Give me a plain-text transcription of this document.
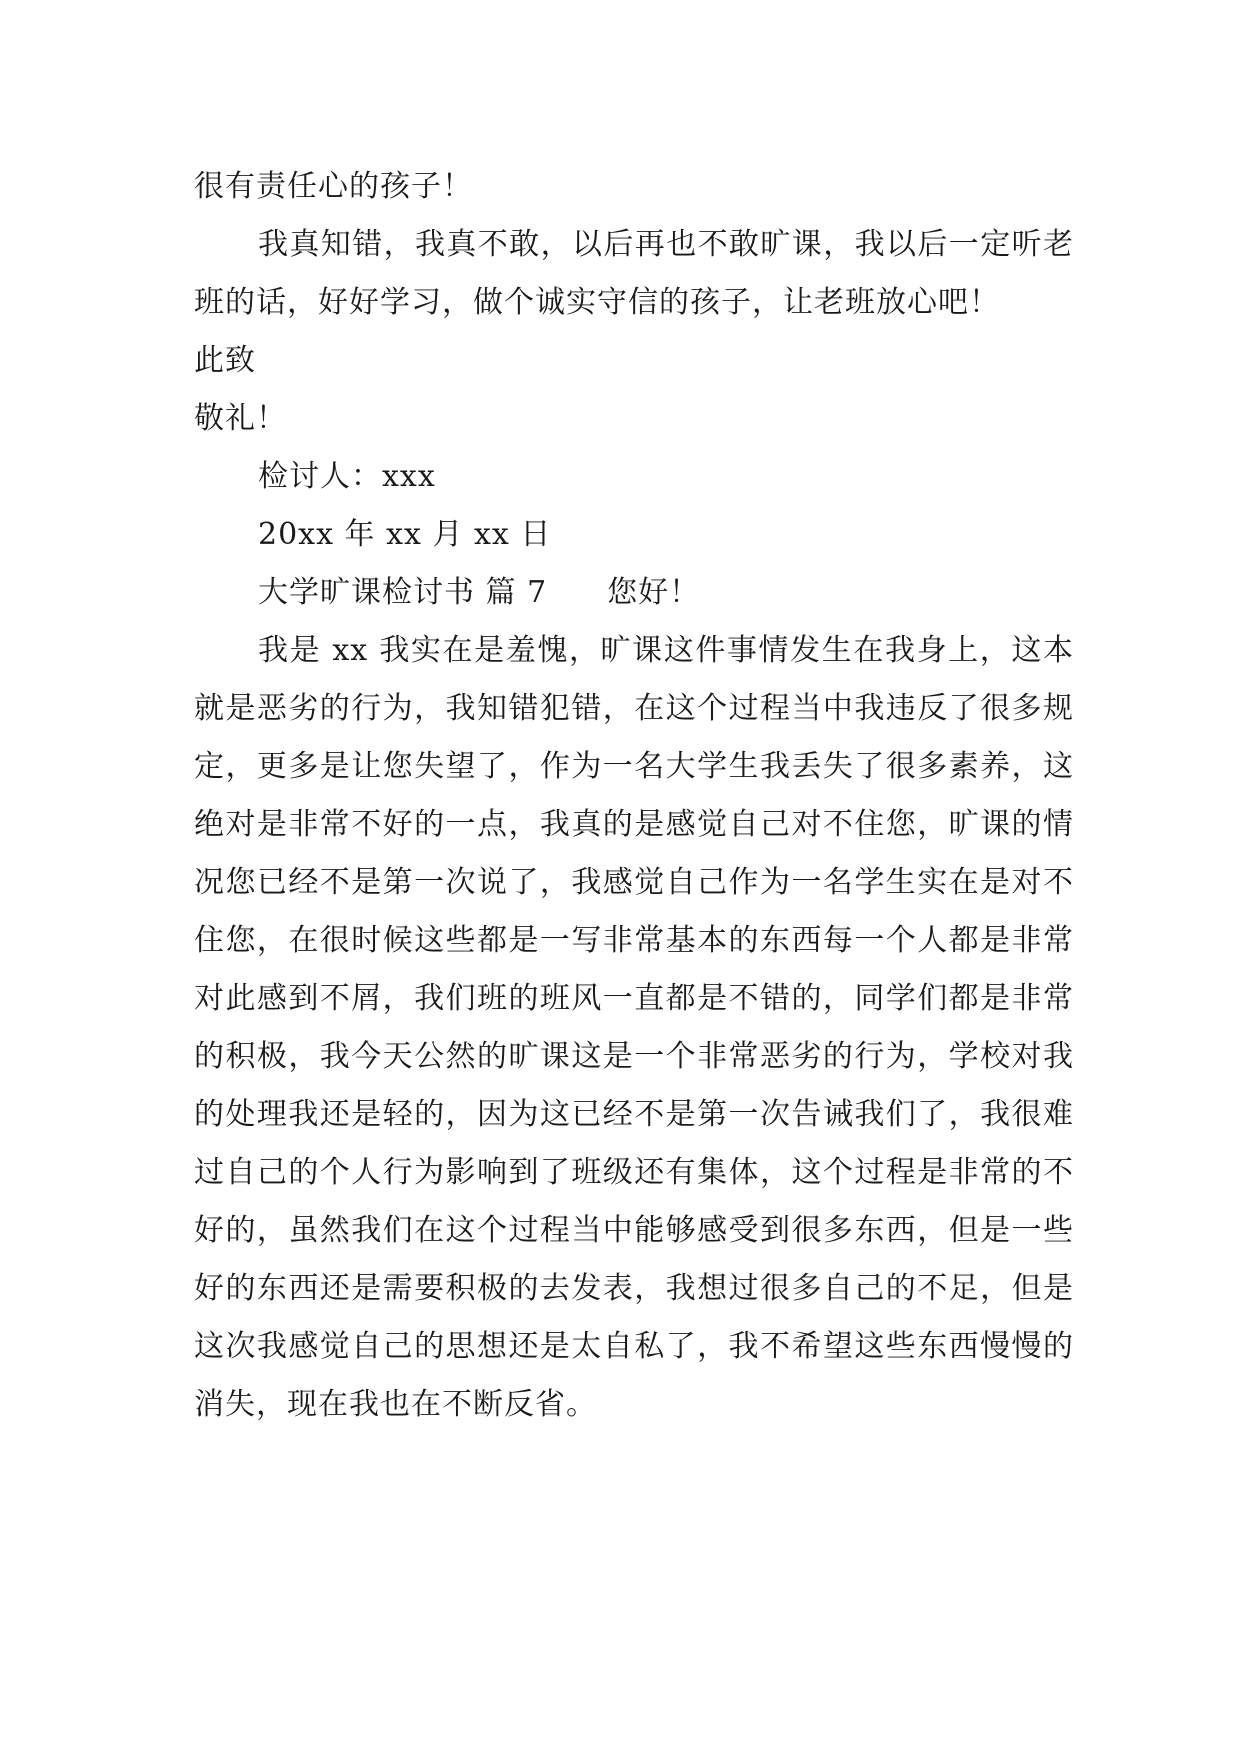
很有责任心的孩子！
我真知错，我真不敢，以后再也不敢旷课，我以后一定听老班的话，好好学习，做个诚实守信的孩子，让老班放心吧！
此致
敬礼！
检讨人：xxx
20xx 年 xx 月 xx 日
大学旷课检讨书 篇 7 您好！
我是 xx 我实在是羞愧，旷课这件事情发生在我身上，这本就是恶劣的行为，我知错犯错，在这个过程当中我违反了很多规定，更多是让您失望了，作为一名大学生我丢失了很多素养，这绝对是非常不好的一点，我真的是感觉自己对不住您，旷课的情况您已经不是第一次说了，我感觉自己作为一名学生实在是对不住您，在很时候这些都是一写非常基本的东西每一个人都是非常对此感到不屑，我们班的班风一直都是不错的，同学们都是非常的积极，我今天公然的旷课这是一个非常恶劣的行为，学校对我的处理我还是轻的，因为这已经不是第一次告诫我们了，我很难过自己的个人行为影响到了班级还有集体，这个过程是非常的不好的，虽然我们在这个过程当中能够感受到很多东西，但是一些好的东西还是需要积极的去发表，我想过很多自己的不足，但是这次我感觉自己的思想还是太自私了，我不希望这些东西慢慢的消失，现在我也在不断反省。
